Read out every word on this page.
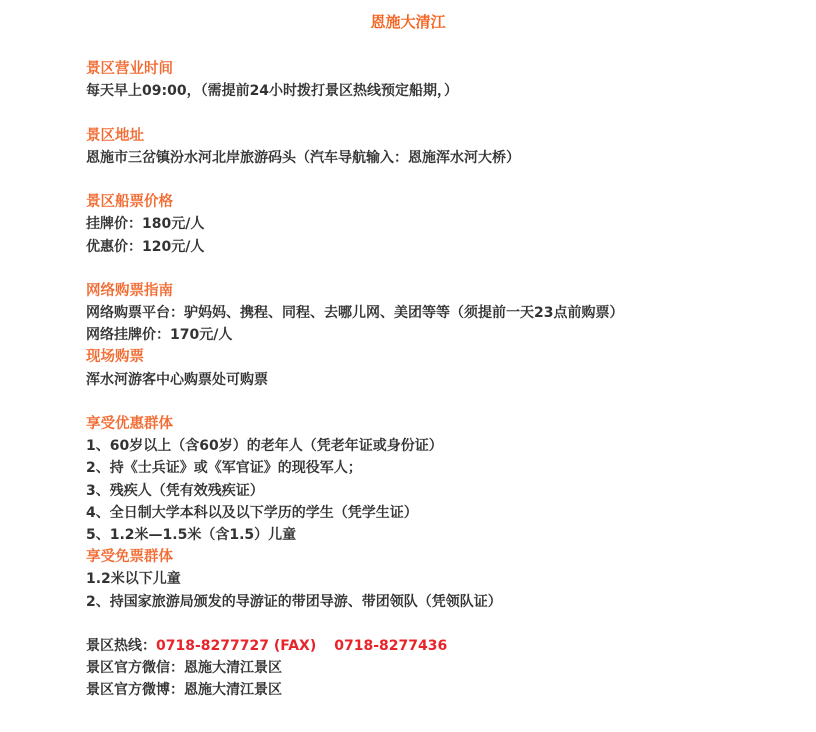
恩施大清江
景区营业时间
每天早上09:00，（需提前24小时拨打景区热线预定船期，）
景区地址
恩施市三岔镇汾水河北岸旅游码头（汽车导航输入：恩施浑水河大桥）
景区船票价格
挂牌价：180元/人
优惠价：120元/人
网络购票指南
网络购票平台：驴妈妈、携程、同程、去哪儿网、美团等等（须提前一天23点前购票）
网络挂牌价：170元/人
现场购票
浑水河游客中心购票处可购票
享受优惠群体
1、60岁以上（含60岁）的老年人（凭老年证或身份证）
2、持《士兵证》或《军官证》的现役军人；
3、残疾人（凭有效残疾证）
4、全日制大学本科以及以下学历的学生（凭学生证）
5、1.2米—1.5米（含1.5）儿童
享受免票群体
1.2米以下儿童
2、持国家旅游局颁发的导游证的带团导游、带团领队（凭领队证）
景区热线：0718-8277727 (FAX) 0718-8277436
景区官方微信：恩施大清江景区
景区官方微博：恩施大清江景区
